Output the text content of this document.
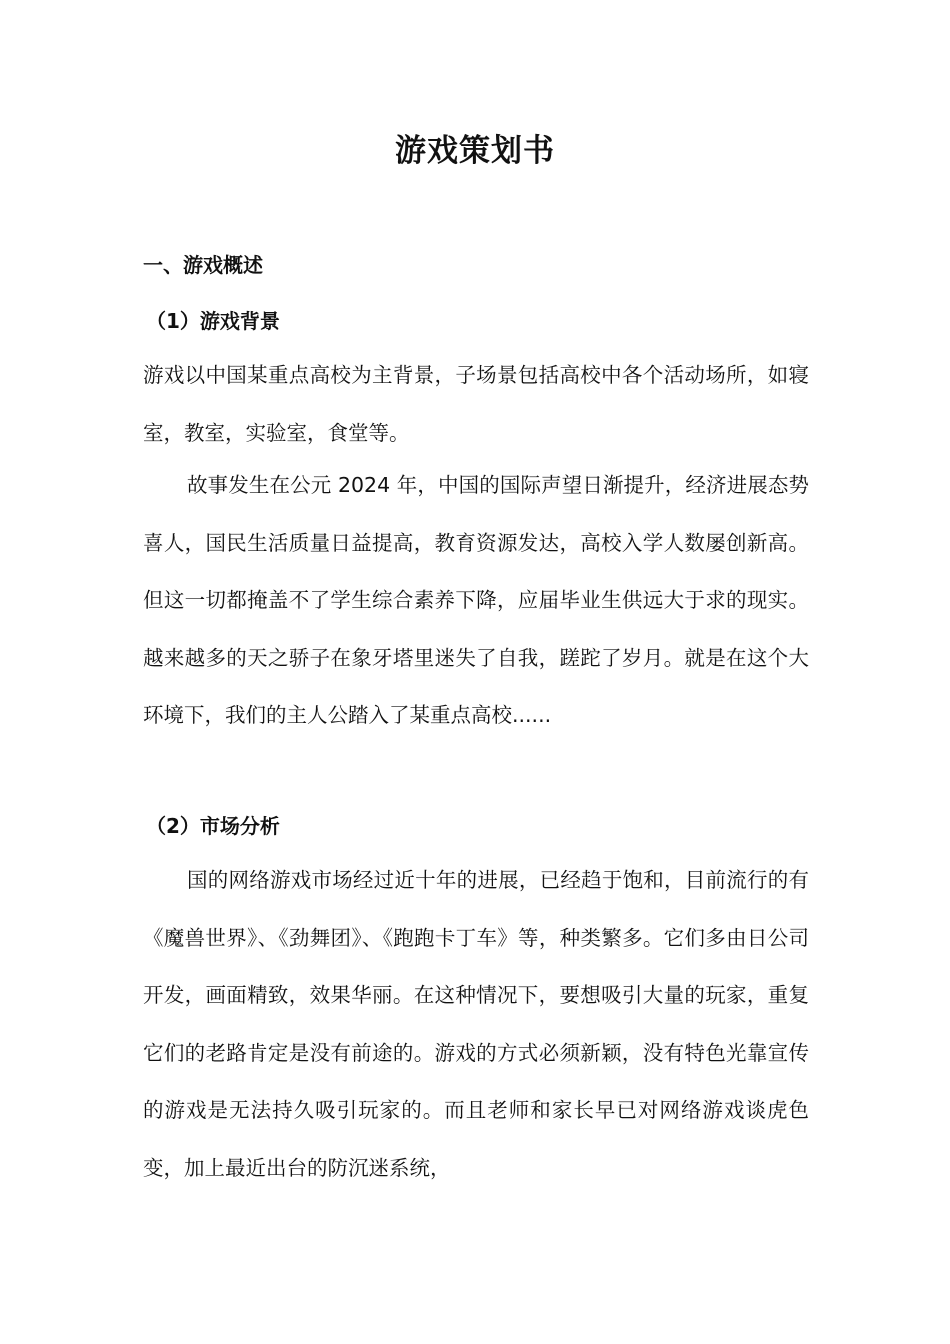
游戏策划书
一、游戏概述
（1）游戏背景

游戏以中国某重点高校为主背景，子场景包括高校中各个活动场所，如寝室，教室，实验室，食堂等。

故事发生在公元 2024 年，中国的国际声望日渐提升，经济进展态势喜人，国民生活质量日益提高，教育资源发达，高校入学人数屡创新高。但这一切都掩盖不了学生综合素养下降，应届毕业生供远大于求的现实。越来越多的天之骄子在象牙塔里迷失了自我，蹉跎了岁月。就是在这个大环境下，我们的主人公踏入了某重点高校......

（2）市场分析

国的网络游戏市场经过近十年的进展，已经趋于饱和，目前流行的有《魔兽世界》、《劲舞团》、《跑跑卡丁车》等，种类繁多。它们多由日公司开发，画面精致，效果华丽。在这种情况下，要想吸引大量的玩家，重复它们的老路肯定是没有前途的。游戏的方式必须新颖，没有特色光靠宣传的游戏是无法持久吸引玩家的。而且老师和家长早已对网络游戏谈虎色变，加上最近出台的防沉迷系统，
